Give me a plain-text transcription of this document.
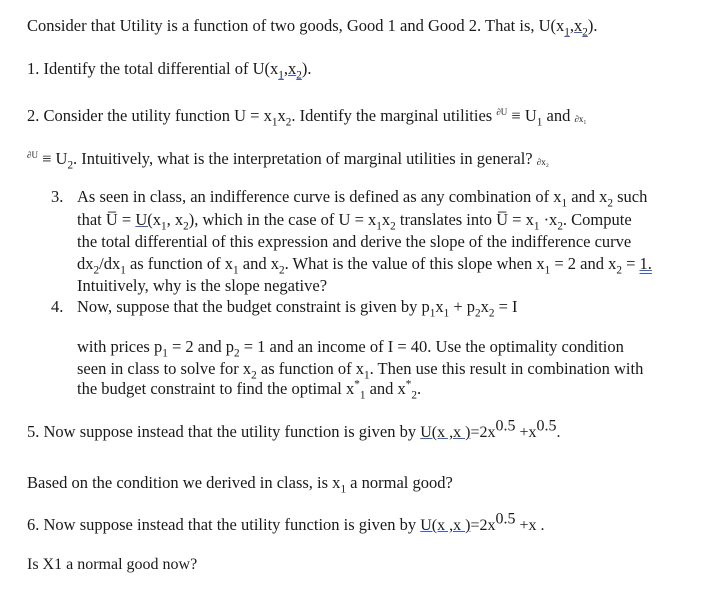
Consider that Utility is a function of two goods, Good 1 and Good 2. That is, $U(x_1,x_2)$.
1. Identify the total differential of $U(x_1,x_2)$.
2. Consider the utility function $U = x_1x_2$. Identify the marginal utilities $^{\partial U} \equiv U_1$ and ∂x₁
$^{\partial U} \equiv U_2$. Intuitively, what is the interpretation of marginal utilities in general? ∂x₂
3. As seen in class, an indifference curve is defined as any combination of $x_1$ and $x_2$ such
that U̅ = $U(x_1$, $x_2$), which in the case of $U = x_1x_2$ translates into U̅ = $x_1 \cdot x_2$. Compute
the total differential of this expression and derive the slope of the indifference curve
$dx_2/dx_1$ as function of $x_1$ and $x_2$. What is the value of this slope when $x_1 = 2$ and $x_2 = 1$.
Intuitively, why is the slope negative?
4. Now, suppose that the budget constraint is given by $p_1x_1 + p_2x_2 = I$
with prices $p_1 = 2$ and $p_2 = 1$ and an income of I = 40. Use the optimality condition
seen in class to solve for $x_2$ as function of $x_1$. Then use this result in combination with
the budget constraint to find the optimal $x^*_1$ and $x^*_2$.
5. Now suppose instead that the utility function is given by U(x ,x )$=2x^{0.5} +x^{0.5}$.
Based on the condition we derived in class, is $x_1$ a normal good?
6. Now suppose instead that the utility function is given by U(x ,x )$=2x^{0.5} +x$ .
Is X1 a normal good now?
